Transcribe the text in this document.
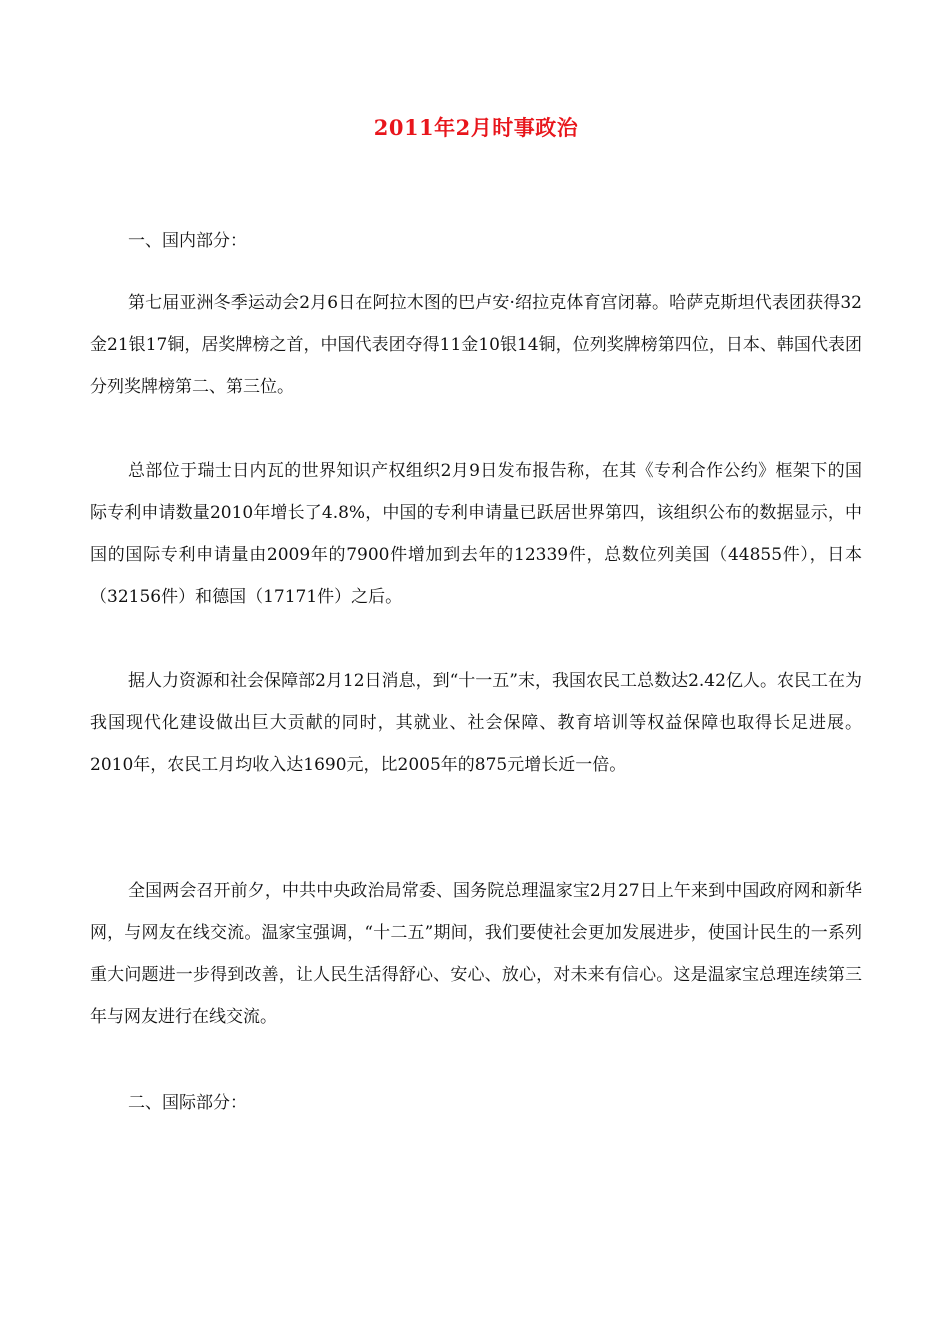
2011年2月时事政治

一、国内部分：

第七届亚洲冬季运动会2月6日在阿拉木图的巴卢安·绍拉克体育宫闭幕。哈萨克斯坦代表团获得32金21银17铜，居奖牌榜之首，中国代表团夺得11金10银14铜，位列奖牌榜第四位，日本、韩国代表团分列奖牌榜第二、第三位。

总部位于瑞士日内瓦的世界知识产权组织2月9日发布报告称，在其《专利合作公约》框架下的国际专利申请数量2010年增长了4.8%，中国的专利申请量已跃居世界第四，该组织公布的数据显示，中国的国际专利申请量由2009年的7900件增加到去年的12339件，总数位列美国（44855件），日本（32156件）和德国（17171件）之后。

据人力资源和社会保障部2月12日消息，到“十一五”末，我国农民工总数达2.42亿人。农民工在为我国现代化建设做出巨大贡献的同时，其就业、社会保障、教育培训等权益保障也取得长足进展。2010年，农民工月均收入达1690元，比2005年的875元增长近一倍。

全国两会召开前夕，中共中央政治局常委、国务院总理温家宝2月27日上午来到中国政府网和新华网，与网友在线交流。温家宝强调，“十二五”期间，我们要使社会更加发展进步，使国计民生的一系列重大问题进一步得到改善，让人民生活得舒心、安心、放心，对未来有信心。这是温家宝总理连续第三年与网友进行在线交流。

二、国际部分：
